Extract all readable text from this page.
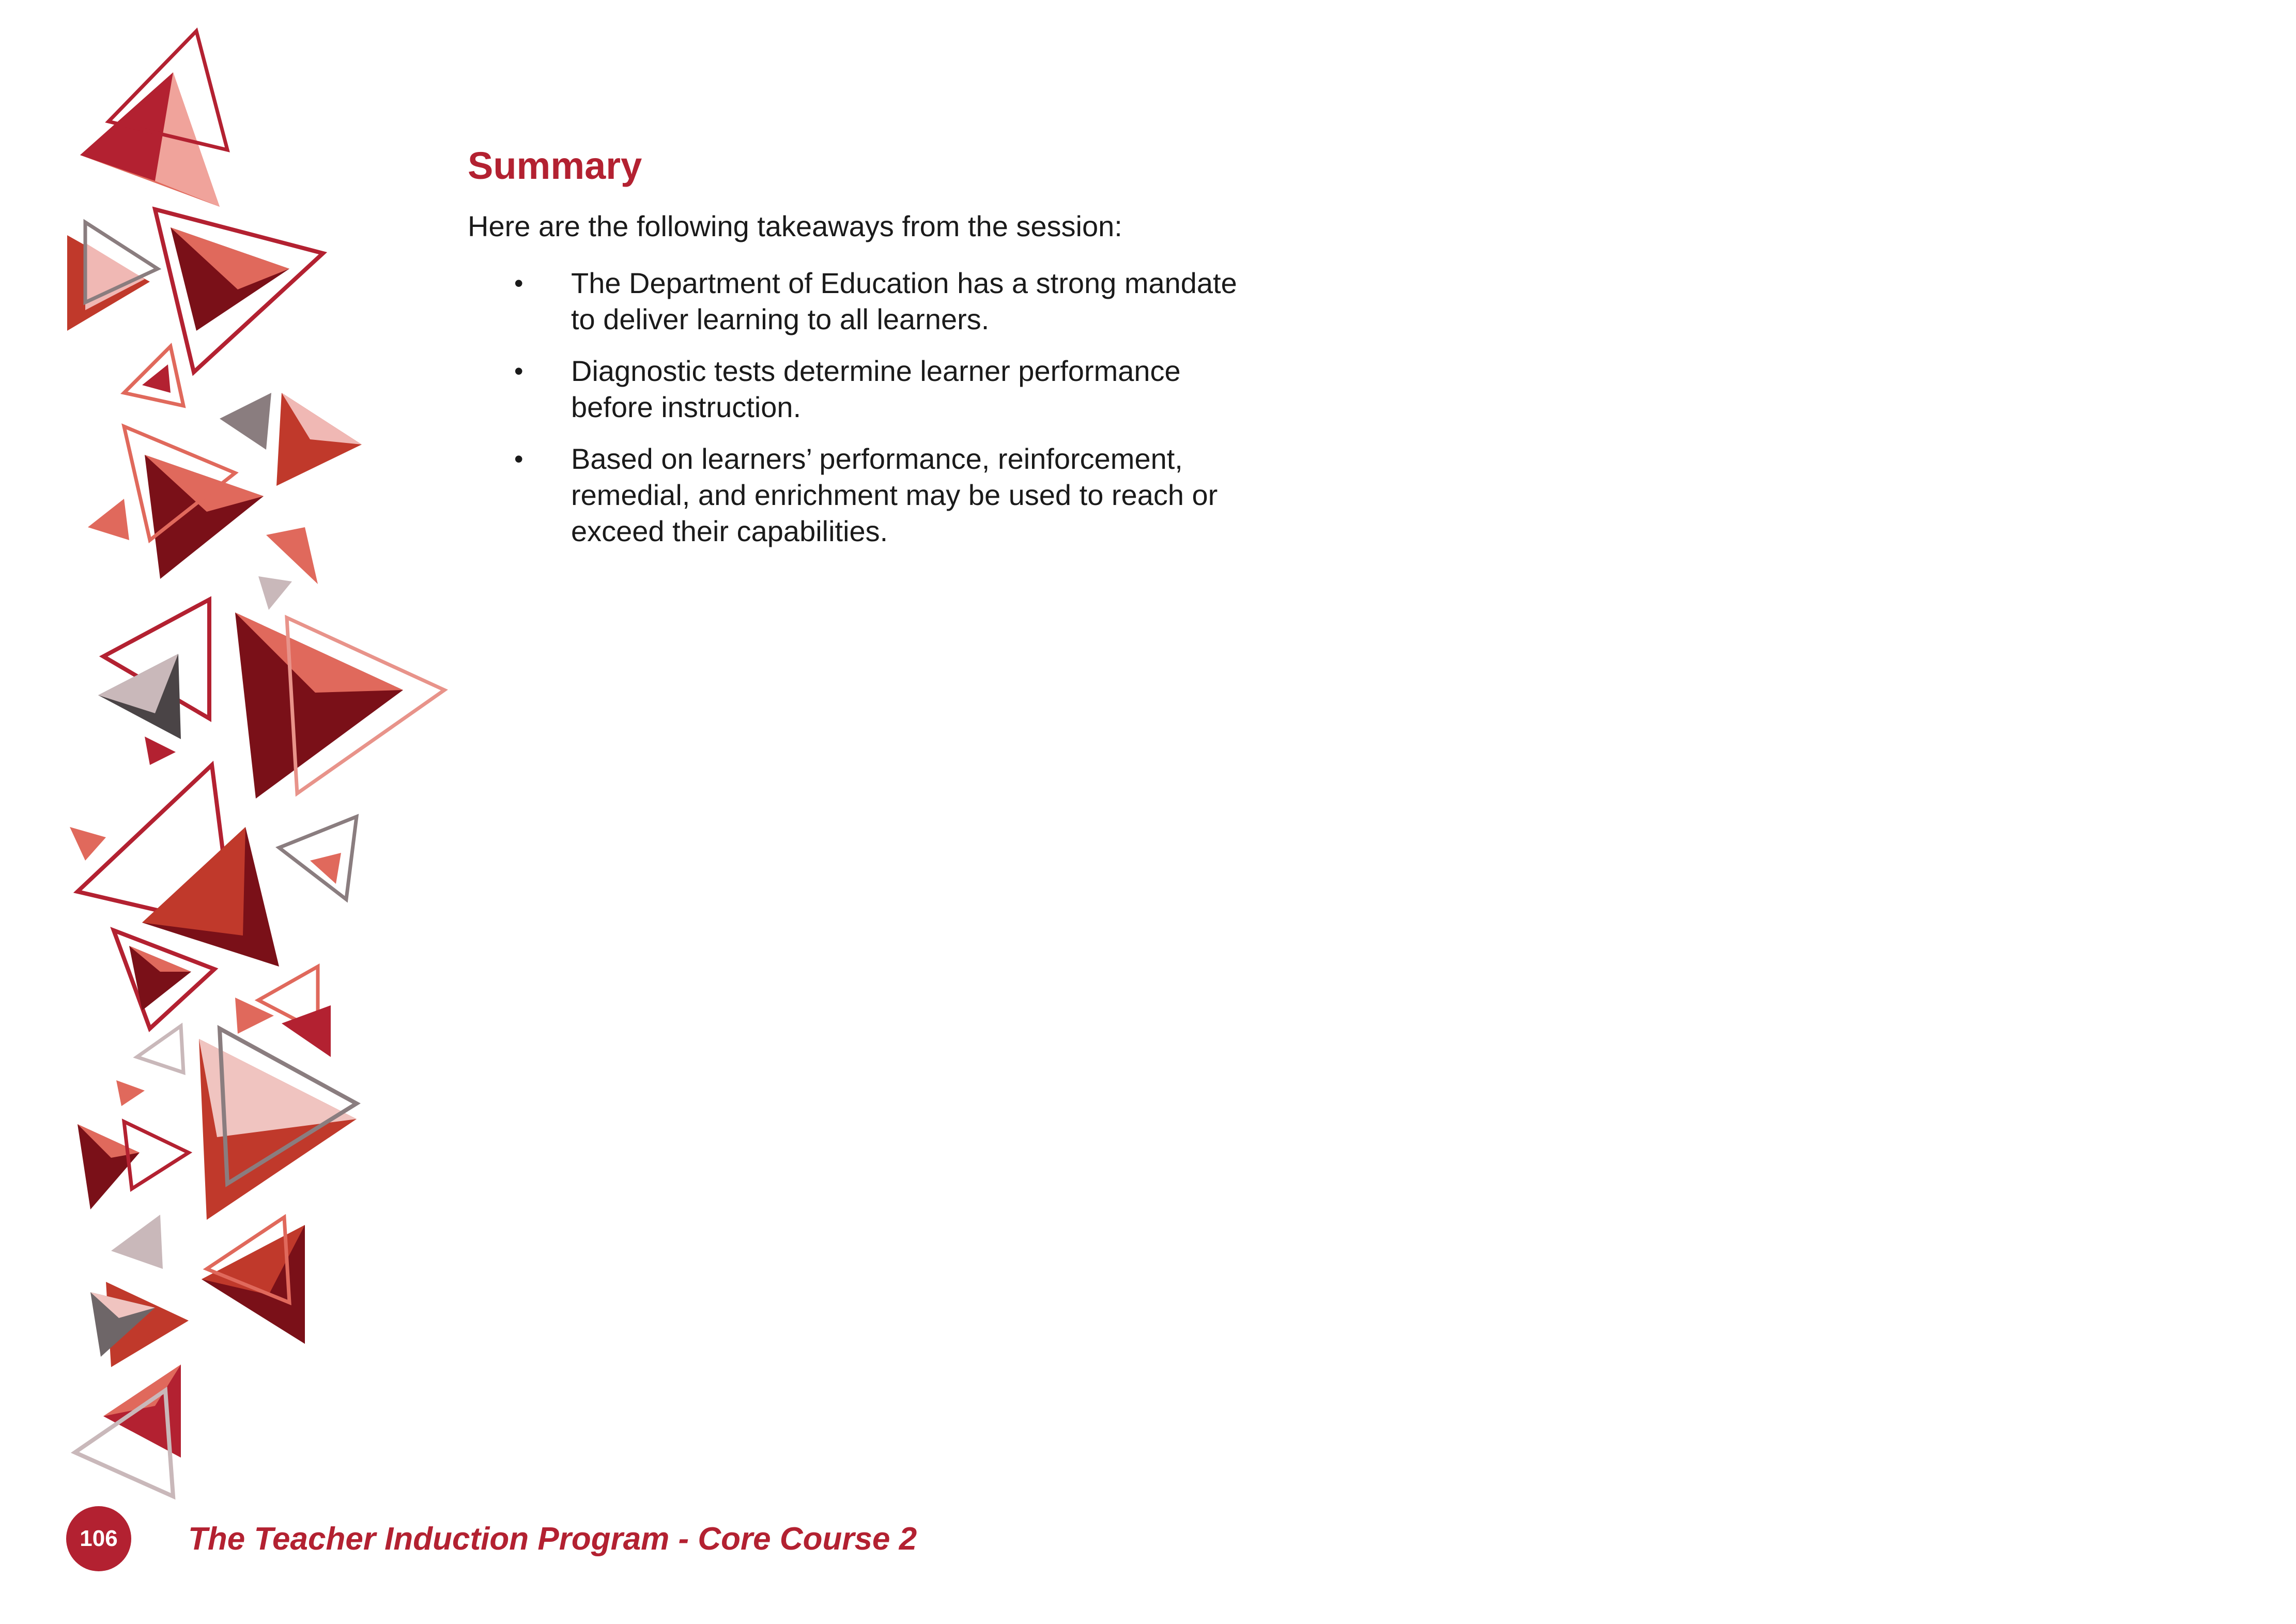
Summary

Here are the following takeaways from the session:

• The Department of Education has a strong mandate to deliver learning to all learners.
• Diagnostic tests determine learner performance before instruction.
• Based on learners’ performance, reinforcement, remedial, and enrichment may be used to reach or exceed their capabilities.
106	The Teacher Induction Program - Core Course 2
